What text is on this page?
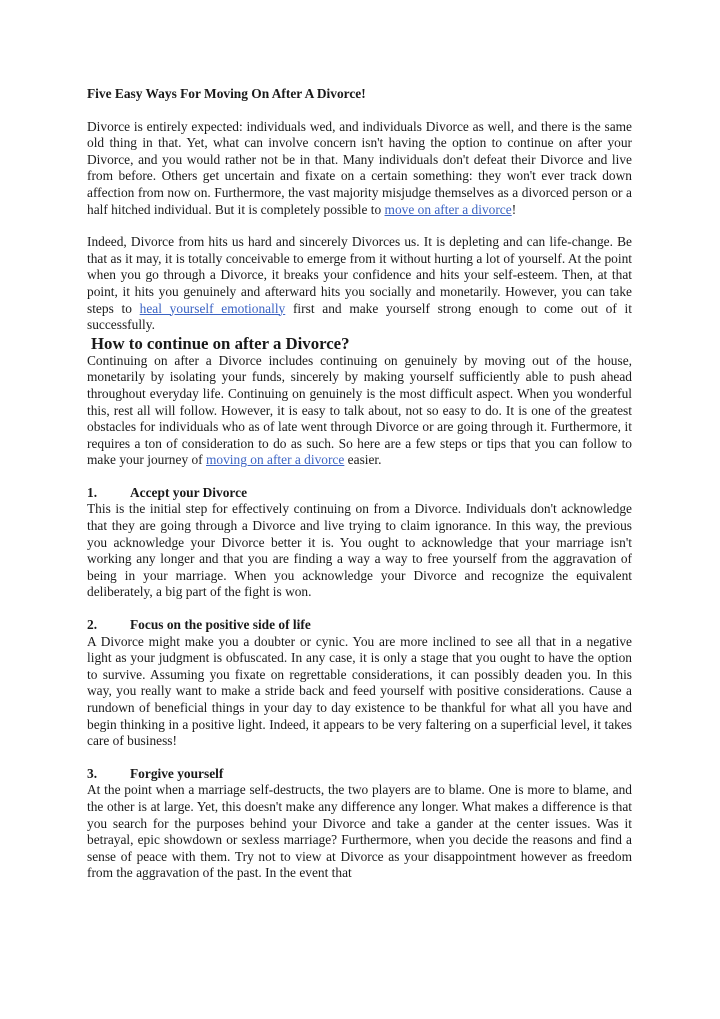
Five Easy Ways For Moving On After A Divorce!

Divorce is entirely expected: individuals wed, and individuals Divorce as well, and there is the same old thing in that. Yet, what can involve concern isn't having the option to continue on after your Divorce, and you would rather not be in that. Many individuals don't defeat their Divorce and live from before. Others get uncertain and fixate on a certain something: they won't ever track down affection from now on. Furthermore, the vast majority misjudge themselves as a divorced person or a half hitched individual. But it is completely possible to move on after a divorce!

Indeed, Divorce from hits us hard and sincerely Divorces us. It is depleting and can life-change. Be that as it may, it is totally conceivable to emerge from it without hurting a lot of yourself. At the point when you go through a Divorce, it breaks your confidence and hits your self-esteem. Then, at that point, it hits you genuinely and afterward hits you socially and monetarily. However, you can take steps to heal yourself emotionally first and make yourself strong enough to come out of it successfully.

How to continue on after a Divorce?

Continuing on after a Divorce includes continuing on genuinely by moving out of the house, monetarily by isolating your funds, sincerely by making yourself sufficiently able to push ahead throughout everyday life. Continuing on genuinely is the most difficult aspect. When you wonderful this, rest all will follow. However, it is easy to talk about, not so easy to do. It is one of the greatest obstacles for individuals who as of late went through Divorce or are going through it. Furthermore, it requires a ton of consideration to do as such. So here are a few steps or tips that you can follow to make your journey of moving on after a divorce easier.

1.	Accept your Divorce

This is the initial step for effectively continuing on from a Divorce. Individuals don't acknowledge that they are going through a Divorce and live trying to claim ignorance. In this way, the previous you acknowledge your Divorce better it is. You ought to acknowledge that your marriage isn't working any longer and that you are finding a way a way to free yourself from the aggravation of being in your marriage. When you acknowledge your Divorce and recognize the equivalent deliberately, a big part of the fight is won.

2.	Focus on the positive side of life

A Divorce might make you a doubter or cynic. You are more inclined to see all that in a negative light as your judgment is obfuscated. In any case, it is only a stage that you ought to have the option to survive. Assuming you fixate on regrettable considerations, it can possibly deaden you. In this way, you really want to make a stride back and feed yourself with positive considerations. Cause a rundown of beneficial things in your day to day existence to be thankful for what all you have and begin thinking in a positive light. Indeed, it appears to be very faltering on a superficial level, it takes care of business!

3.	Forgive yourself

At the point when a marriage self-destructs, the two players are to blame. One is more to blame, and the other is at large. Yet, this doesn't make any difference any longer. What makes a difference is that you search for the purposes behind your Divorce and take a gander at the center issues. Was it betrayal, epic showdown or sexless marriage? Furthermore, when you decide the reasons and find a sense of peace with them. Try not to view at Divorce as your disappointment however as freedom from the aggravation of the past. In the event that
